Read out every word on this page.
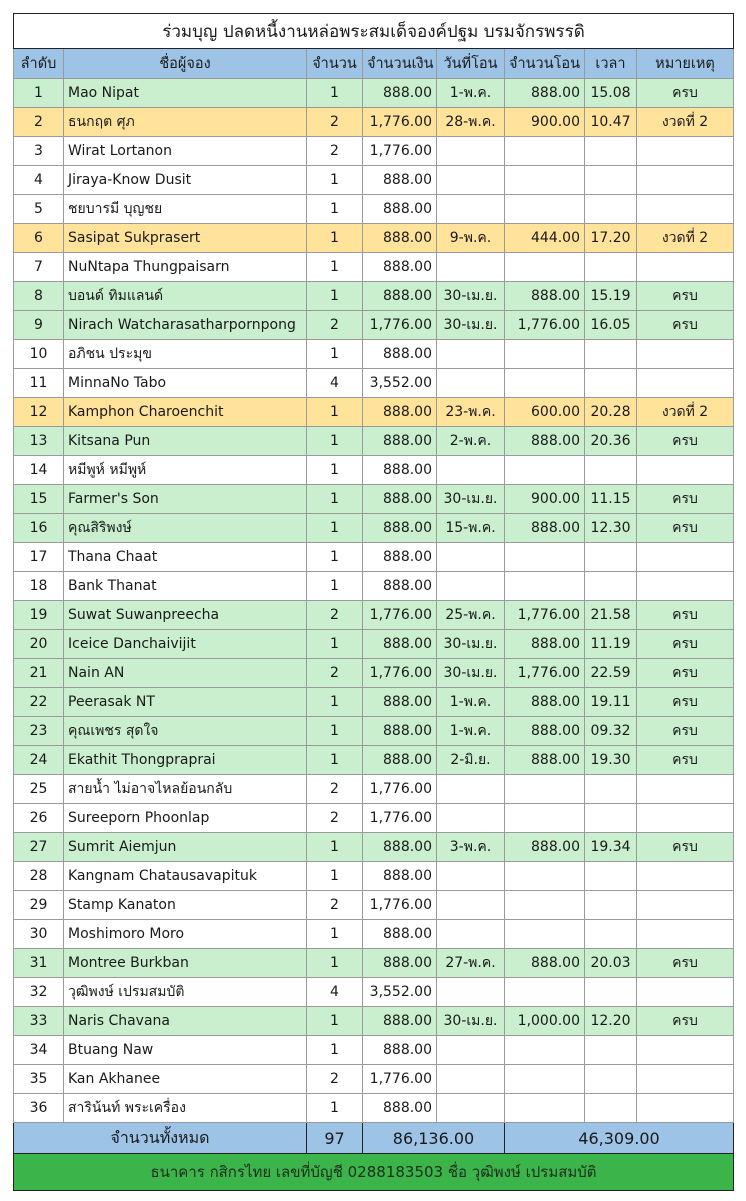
ร่วมบุญ ปลดหนี้งานหล่อพระสมเด็จองค์ปฐม บรมจักรพรรดิ							
ลำดับ	ชื่อผู้จอง	จำนวน	จำนวนเงิน	วันที่โอน	จำนวนโอน	เวลา	หมายเหตุ
1	Mao Nipat	1	888.00	1-พ.ค.	888.00	15.08	ครบ
2	ธนกฤต ศุภ	2	1,776.00	28-พ.ค.	900.00	10.47	งวดที่ 2
3	Wirat Lortanon	2	1,776.00				
4	Jiraya-Know Dusit	1	888.00				
5	ชยบารมี บุญชย	1	888.00				
6	Sasipat Sukprasert	1	888.00	9-พ.ค.	444.00	17.20	งวดที่ 2
7	NuNtapa Thungpaisarn	1	888.00				
8	บอนด์ ทิมแลนด์	1	888.00	30-เม.ย.	888.00	15.19	ครบ
9	Nirach Watcharasatharpornpong	2	1,776.00	30-เม.ย.	1,776.00	16.05	ครบ
10	อภิชน ประมุข	1	888.00				
11	MinnaNo Tabo	4	3,552.00				
12	Kamphon Charoenchit	1	888.00	23-พ.ค.	600.00	20.28	งวดที่ 2
13	Kitsana Pun	1	888.00	2-พ.ค.	888.00	20.36	ครบ
14	หมีพูห์ หมีพูห์	1	888.00				
15	Farmer's Son	1	888.00	30-เม.ย.	900.00	11.15	ครบ
16	คุณสิริพงษ์	1	888.00	15-พ.ค.	888.00	12.30	ครบ
17	Thana Chaat	1	888.00				
18	Bank Thanat	1	888.00				
19	Suwat Suwanpreecha	2	1,776.00	25-พ.ค.	1,776.00	21.58	ครบ
20	Iceice Danchaivijit	1	888.00	30-เม.ย.	888.00	11.19	ครบ
21	Nain AN	2	1,776.00	30-เม.ย.	1,776.00	22.59	ครบ
22	Peerasak NT	1	888.00	1-พ.ค.	888.00	19.11	ครบ
23	คุณเพชร สุดใจ	1	888.00	1-พ.ค.	888.00	09.32	ครบ
24	Ekathit Thongpraprai	1	888.00	2-มิ.ย.	888.00	19.30	ครบ
25	สายน้ำ ไม่อาจไหลย้อนกลับ	2	1,776.00				
26	Sureeporn Phoonlap	2	1,776.00				
27	Sumrit Aiemjun	1	888.00	3-พ.ค.	888.00	19.34	ครบ
28	Kangnam Chatausavapituk	1	888.00				
29	Stamp Kanaton	2	1,776.00				
30	Moshimoro Moro	1	888.00				
31	Montree Burkban	1	888.00	27-พ.ค.	888.00	20.03	ครบ
32	วุฒิพงษ์ เปรมสมบัติ	4	3,552.00				
33	Naris Chavana	1	888.00	30-เม.ย.	1,000.00	12.20	ครบ
34	Btuang Naw	1	888.00				
35	Kan Akhanee	2	1,776.00				
36	สาริน้นท์ พระเครื่อง	1	888.00				
จำนวนทั้งหมด		97	86,136.00		46,309.00		
ธนาคาร กสิกรไทย เลขที่บัญชี 0288183503 ชื่อ วุฒิพงษ์ เปรมสมบัติ							
